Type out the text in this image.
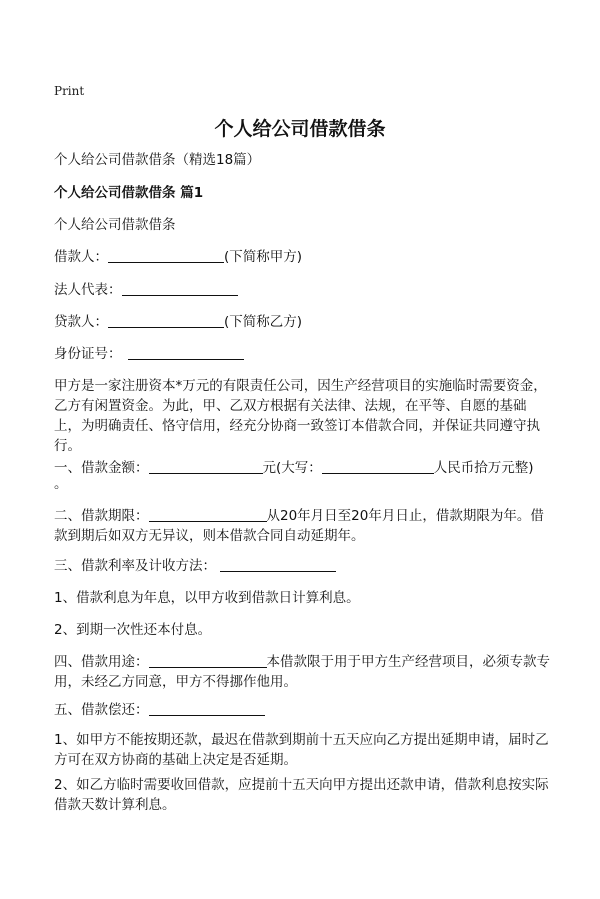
Print
个人给公司借款借条
个人给公司借款借条（精选18篇）
个人给公司借款借条 篇1
个人给公司借款借条
借款人：	(下简称甲方)
法人代表：
贷款人：	(下简称乙方)
身份证号：
甲方是一家注册资本*万元的有限责任公司，因生产经营项目的实施临时需要资金，乙方有闲置资金。为此，甲、乙双方根据有关法律、法规，在平等、自愿的基础上，为明确责任、恪守信用，经充分协商一致签订本借款合同，并保证共同遵守执行。
一、借款金额：	元(大写：	人民币拾万元整)
。
二、借款期限：	从20年月日至20年月日止，借款期限为年。借款到期后如双方无异议，则本借款合同自动延期年。
三、借款利率及计收方法：
1、借款利息为年息，以甲方收到借款日计算利息。
2、到期一次性还本付息。
四、借款用途：	本借款限于用于甲方生产经营项目，必须专款专用，未经乙方同意，甲方不得挪作他用。
五、借款偿还：
1、如甲方不能按期还款，最迟在借款到期前十五天应向乙方提出延期申请，届时乙方可在双方协商的基础上决定是否延期。
2、如乙方临时需要收回借款，应提前十五天向甲方提出还款申请，借款利息按实际借款天数计算利息。
